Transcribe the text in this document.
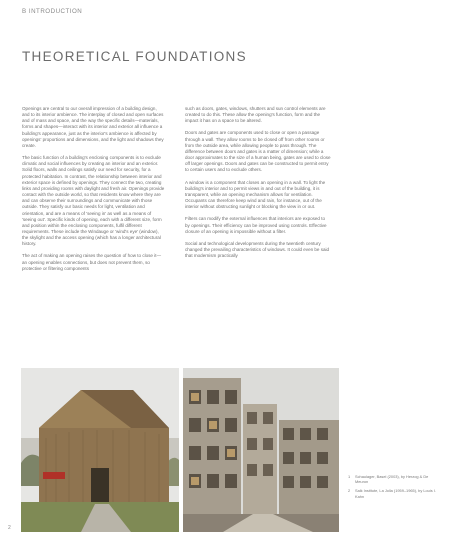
B INTRODUCTION
THEORETICAL FOUNDATIONS

Openings are central to our overall impression of a building design, and to its interior ambience. The interplay of closed and open surfaces and of mass and space, and the way the specific details—materials, forms and shapes—interact with its interior and exterior all influence a building's appearance, just as the interior's ambience is affected by openings' proportions and dimensions, and the light and shadows they create.

The basic function of a building's enclosing components is to exclude climatic and social influences by creating an interior and an exterior. Solid floors, walls and ceilings satisfy our need for security, for a protected habitation. In contrast, the relationship between interior and exterior space is defined by openings. They connect the two, creating links and providing rooms with daylight and fresh air. Openings provide contact with the outside world, so that residents know where they are and can observe their surroundings and communicate with those outside. They satisfy our basic needs for light, ventilation and orientation, and are a means of 'seeing in' as well as a means of 'seeing out'. Specific kinds of opening, each with a different size, form and position within the enclosing components, fulfil different requirements. These include the Windauge or 'wind's eye' (window), the skylight and the access opening (which has a longer architectural history.

The act of making an opening raises the question of how to close it—an opening enables connections, but does not prevent them, so protective or filtering components

such as doors, gates, windows, shutters and sun control elements are created to do this. These allow the opening's function, form and the impact it has on a space to be altered.

Doors and gates are components used to close or open a passage through a wall. They allow rooms to be closed off from other rooms or from the outside area, while allowing people to pass through. The difference between doors and gates is a matter of dimension; while a door approximates to the size of a human being, gates are used to close off larger openings. Doors and gates can be constructed to permit entry to certain users and to exclude others.

A window is a component that closes an opening in a wall. To light the building's interior and to permit views in and out of the building, it is transparent, while an opening mechanism allows for ventilation. Occupants can therefore keep wind and rain, for instance, out of the interior without obstructing sunlight or blocking the view in or out.

Filters can modify the external influences that interiors are exposed to by openings. Their efficiency can be improved using controls. Effective closure of an opening is impossible without a filter.

Social and technological developments during the twentieth century changed the prevailing characteristics of windows. It could even be said that modernism practically

2
1	Schaulager, Basel (2003), by Herzog & De Meuron
2	Salk Institute, La Jolla (1959–1965), by Louis I. Kahn
